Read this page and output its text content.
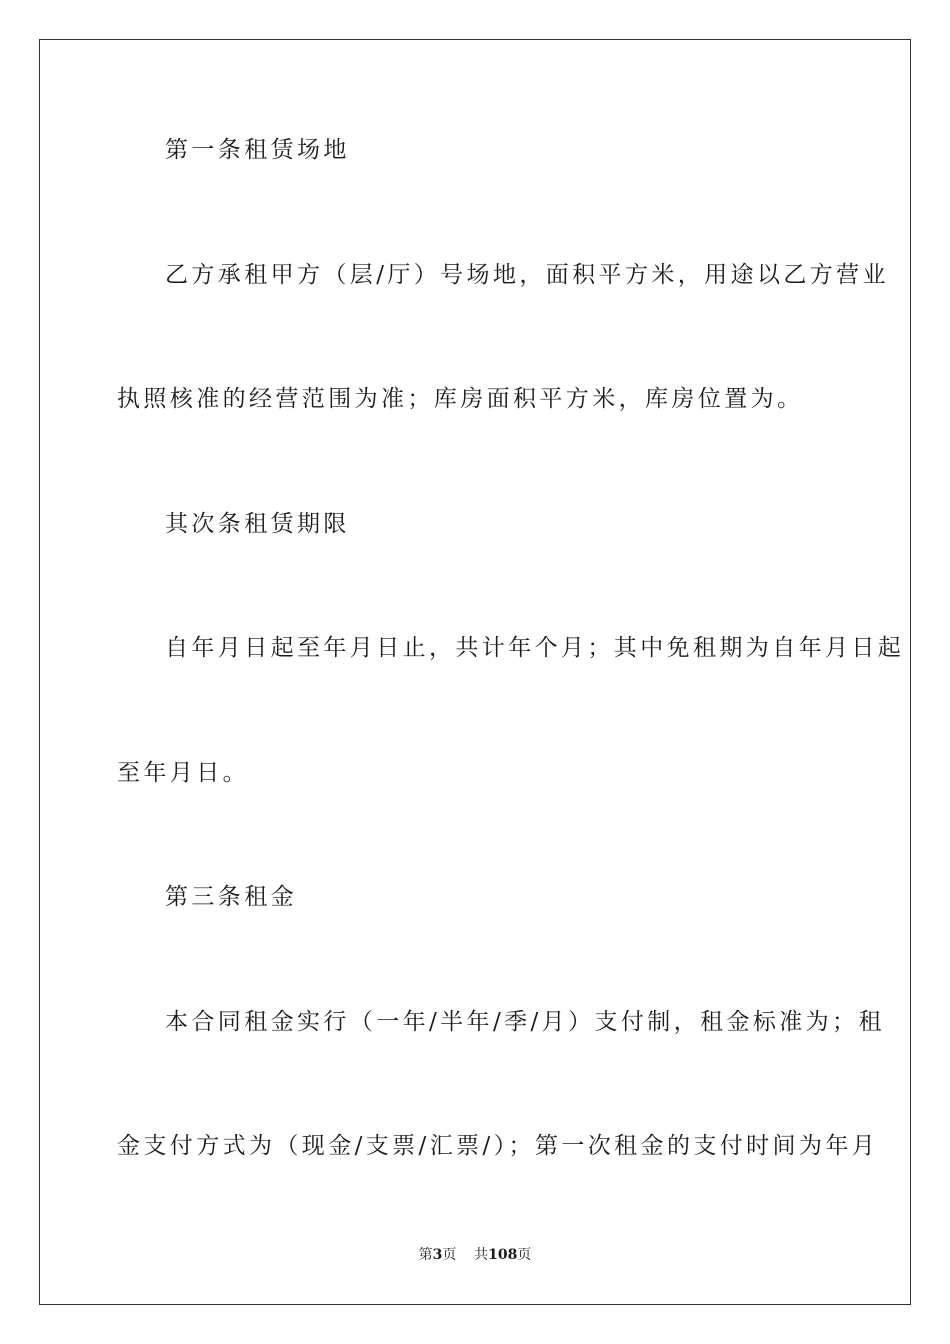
第一条租赁场地
乙方承租甲方（层/厅）号场地，面积平方米，用途以乙方营业
执照核准的经营范围为准；库房面积平方米，库房位置为。
其次条租赁期限
自年月日起至年月日止，共计年个月；其中免租期为自年月日起
至年月日。
第三条租金
本合同租金实行（一年/半年/季/月）支付制，租金标准为；租
金支付方式为（现金/支票/汇票/）；第一次租金的支付时间为年月
第3页 共108页
